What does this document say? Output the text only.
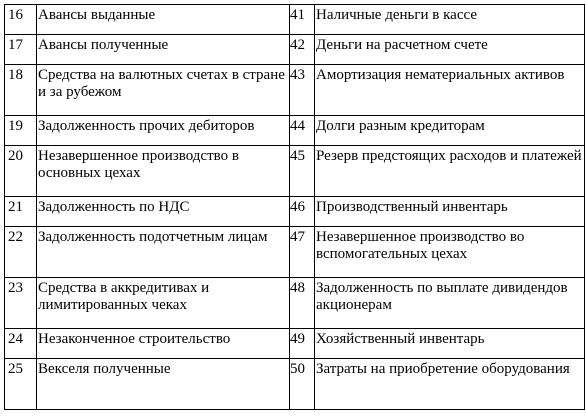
16	Авансы выданные	41	Наличные деньги в кассе
17	Авансы полученные	42	Деньги на расчетном счете
18	Средства на валютных счетах в стране и за рубежом	43	Амортизация нематериальных активов
19	Задолженность прочих дебиторов	44	Долги разным кредиторам
20	Незавершенное производство в основных цехах	45	Резерв предстоящих расходов и платежей
21	Задолженность по НДС	46	Производственный инвентарь
22	Задолженность подотчетным лицам	47	Незавершенное производство во вспомогательных цехах
23	Средства в аккредитивах и лимитированных чеках	48	Задолженность по выплате дивидендов акционерам
24	Незаконченное строительство	49	Хозяйственный инвентарь
25	Векселя полученные	50	Затраты на приобретение оборудования
